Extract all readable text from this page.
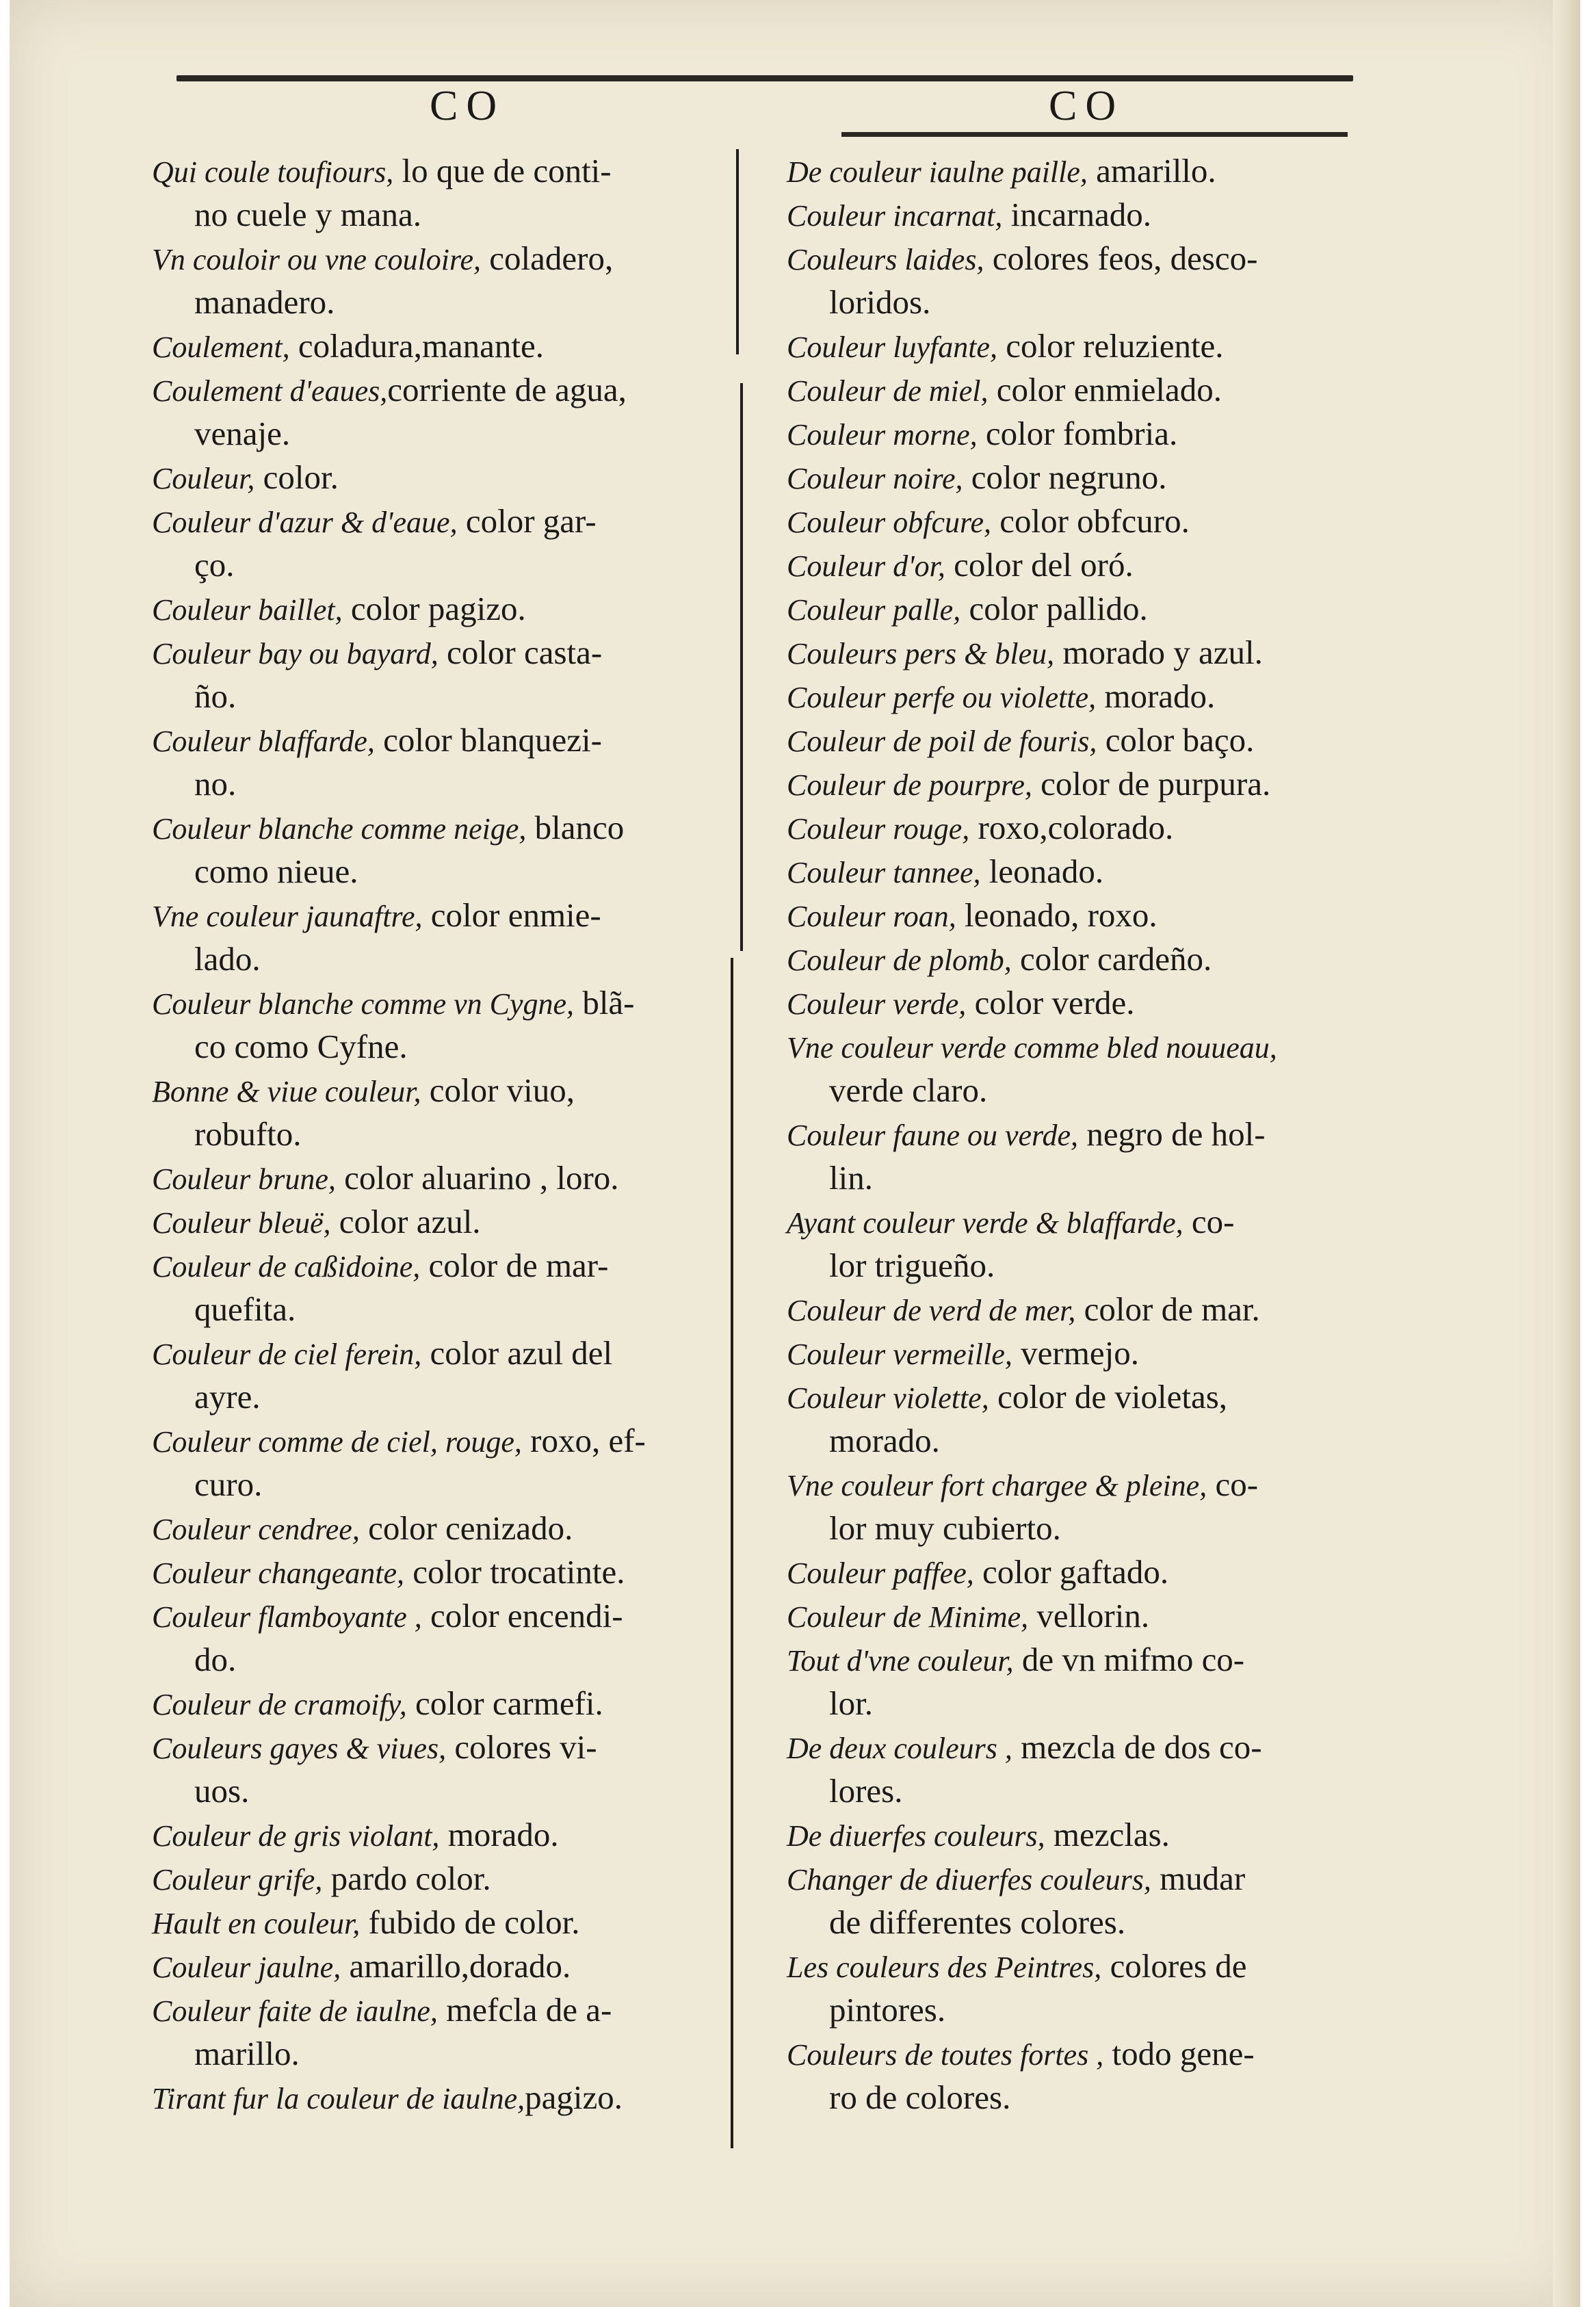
CO	CO
Qui coule toufiours, lo que de conti-
no cuele y mana.
Vn couloir ou vne couloire, coladero,
manadero.
Coulement, coladura,manante.
Coulement d'eaues,corriente de agua,
venaje.
Couleur, color.
Couleur d'azur & d'eaue, color gar-
ço.
Couleur baillet, color pagizo.
Couleur bay ou bayard, color casta-
ño.
Couleur blaffarde, color blanquezi-
no.
Couleur blanche comme neige, blanco
como nieue.
Vne couleur jaunaftre, color enmie-
lado.
Couleur blanche comme vn Cygne, blã-
co como Cyfne.
Bonne & viue couleur, color viuo,
robufto.
Couleur brune, color aluarino , loro.
Couleur bleuë, color azul.
Couleur de caßidoine, color de mar-
quefita.
Couleur de ciel ferein, color azul del
ayre.
Couleur comme de ciel, rouge, roxo, ef-
curo.
Couleur cendree, color cenizado.
Couleur changeante, color trocatinte.
Couleur flamboyante , color encendi-
do.
Couleur de cramoify, color carmefi.
Couleurs gayes & viues, colores vi-
uos.
Couleur de gris violant, morado.
Couleur grife, pardo color.
Hault en couleur, fubido de color.
Couleur jaulne, amarillo,dorado.
Couleur faite de iaulne, mefcla de a-
marillo.
Tirant fur la couleur de iaulne,pagizo.
De couleur iaulne paille, amarillo.
Couleur incarnat, incarnado.
Couleurs laides, colores feos, desco-
loridos.
Couleur luyfante, color reluziente.
Couleur de miel, color enmielado.
Couleur morne, color fombria.
Couleur noire, color negruno.
Couleur obfcure, color obfcuro.
Couleur d'or, color del oró.
Couleur palle, color pallido.
Couleurs pers & bleu, morado y azul.
Couleur perfe ou violette, morado.
Couleur de poil de fouris, color baço.
Couleur de pourpre, color de purpura.
Couleur rouge, roxo,colorado.
Couleur tannee, leonado.
Couleur roan, leonado, roxo.
Couleur de plomb, color cardeño.
Couleur verde, color verde.
Vne couleur verde comme bled nouueau,
verde claro.
Couleur faune ou verde, negro de hol-
lin.
Ayant couleur verde & blaffarde, co-
lor trigueño.
Couleur de verd de mer, color de mar.
Couleur vermeille, vermejo.
Couleur violette, color de violetas,
morado.
Vne couleur fort chargee & pleine, co-
lor muy cubierto.
Couleur paffee, color gaftado.
Couleur de Minime, vellorin.
Tout d'vne couleur, de vn mifmo co-
lor.
De deux couleurs , mezcla de dos co-
lores.
De diuerfes couleurs, mezclas.
Changer de diuerfes couleurs, mudar
de differentes colores.
Les couleurs des Peintres, colores de
pintores.
Couleurs de toutes fortes , todo gene-
ro de colores.
